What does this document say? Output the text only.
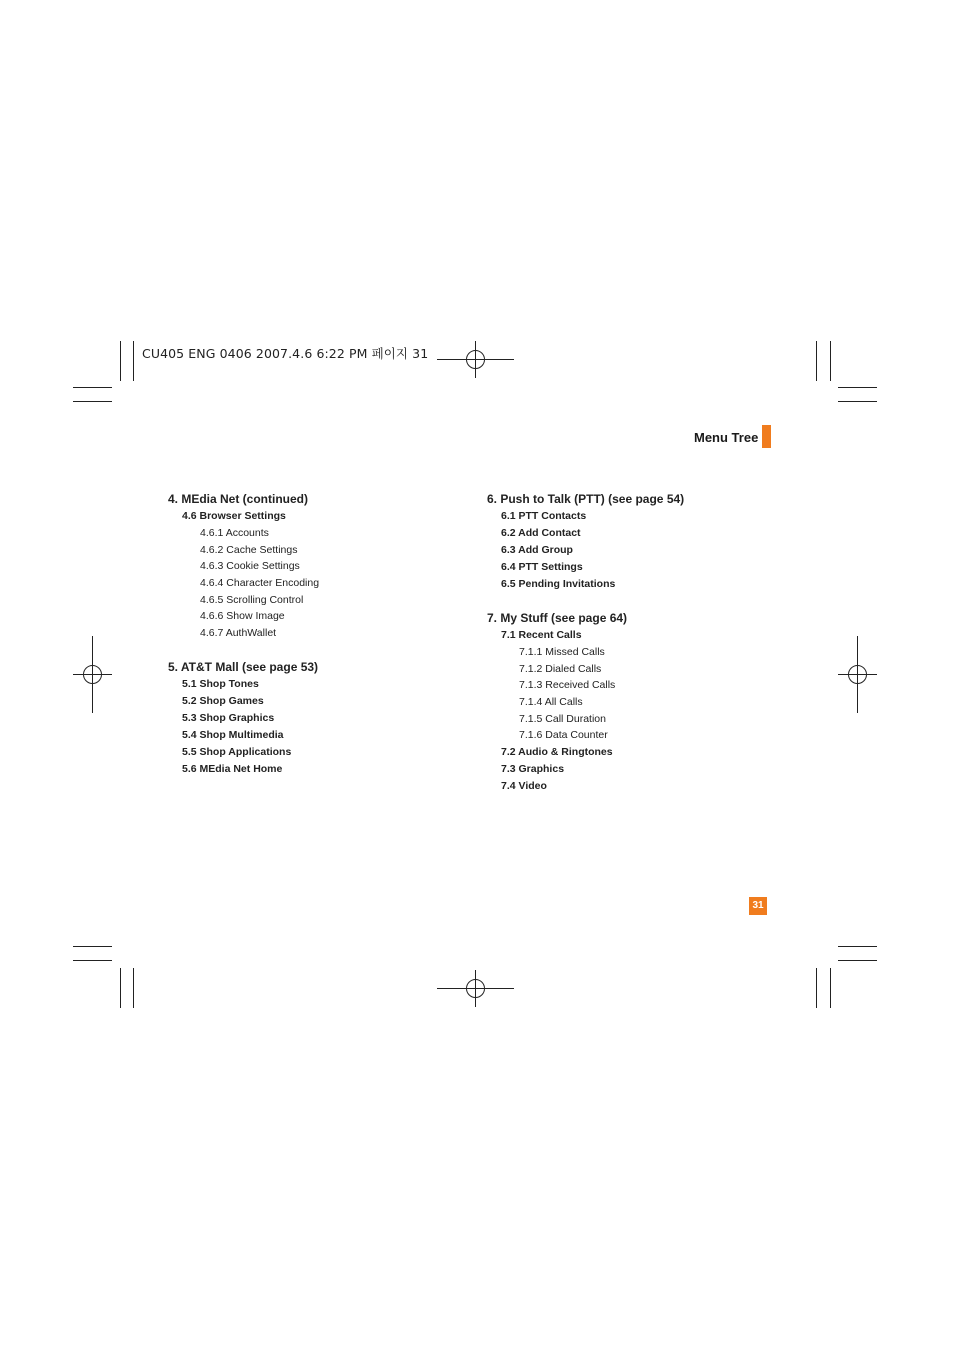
CU405 ENG 0406 2007.4.6 6:22 PM 페이지 31
Menu Tree
4. MEdia Net (continued)
4.6 Browser Settings
4.6.1 Accounts
4.6.2 Cache Settings
4.6.3 Cookie Settings
4.6.4 Character Encoding
4.6.5 Scrolling Control
4.6.6 Show Image
4.6.7 AuthWallet
5. AT&T Mall (see page 53)
5.1 Shop Tones
5.2 Shop Games
5.3 Shop Graphics
5.4 Shop Multimedia
5.5 Shop Applications
5.6 MEdia Net Home
6. Push to Talk (PTT) (see page 54)
6.1 PTT Contacts
6.2 Add Contact
6.3 Add Group
6.4 PTT Settings
6.5 Pending Invitations
7. My Stuff (see page 64)
7.1 Recent Calls
7.1.1 Missed Calls
7.1.2 Dialed Calls
7.1.3 Received Calls
7.1.4 All Calls
7.1.5 Call Duration
7.1.6 Data Counter
7.2 Audio & Ringtones
7.3 Graphics
7.4 Video
31
